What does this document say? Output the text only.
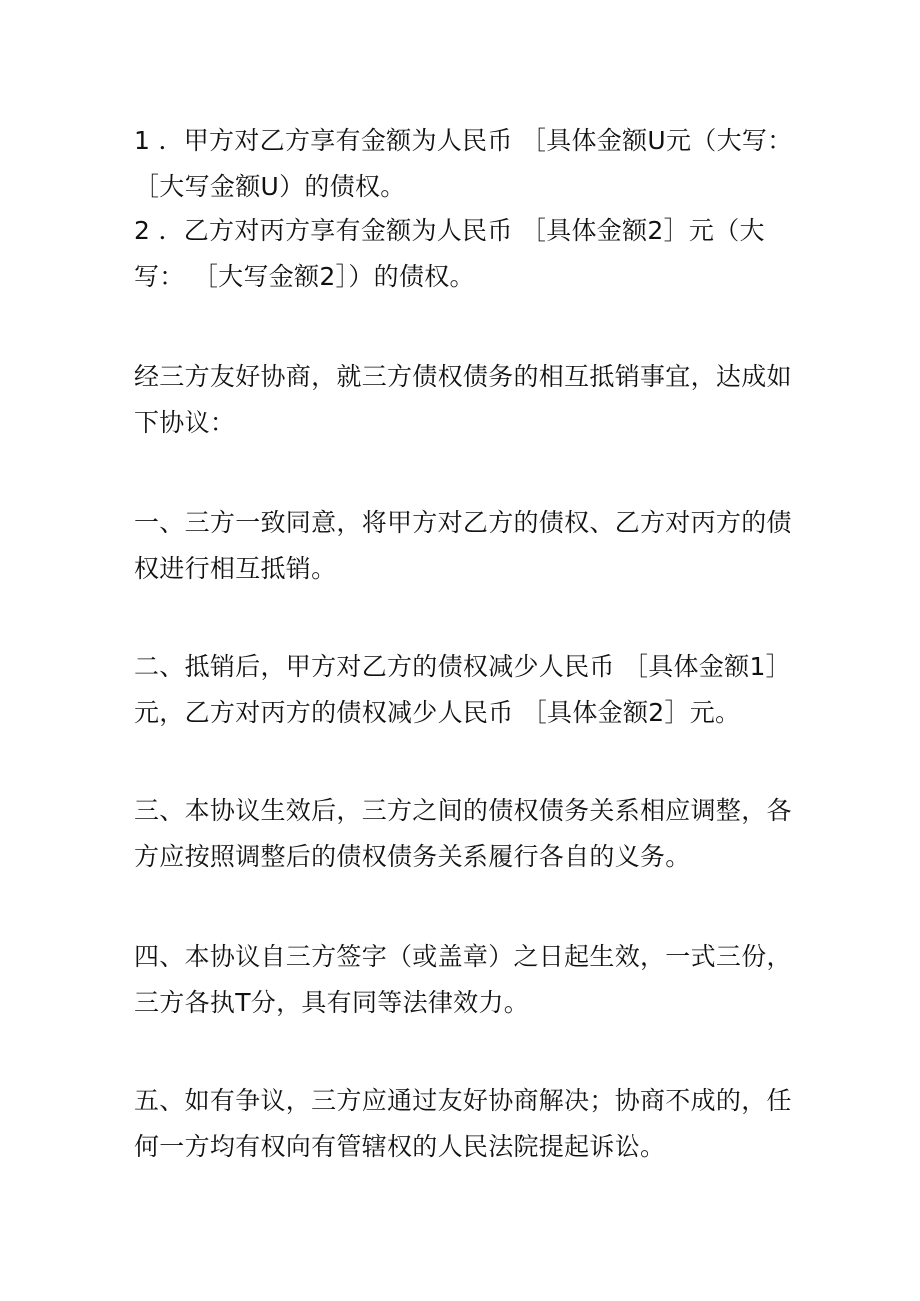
1 ．甲方对乙方享有金额为人民币 ［具体金额U元（大写：
［大写金额U）的债权。
2 ．乙方对丙方享有金额为人民币 ［具体金额2］元（大
写： ［大写金额2］）的债权。
经三方友好协商，就三方债权债务的相互抵销事宜，达成如
下协议：
一、三方一致同意，将甲方对乙方的债权、乙方对丙方的债
权进行相互抵销。
二、抵销后，甲方对乙方的债权减少人民币 ［具体金额1］
元，乙方对丙方的债权减少人民币 ［具体金额2］元。
三、本协议生效后，三方之间的债权债务关系相应调整，各
方应按照调整后的债权债务关系履行各自的义务。
四、本协议自三方签字（或盖章）之日起生效，一式三份，
三方各执T分，具有同等法律效力。
五、如有争议，三方应通过友好协商解决；协商不成的，任
何一方均有权向有管辖权的人民法院提起诉讼。
